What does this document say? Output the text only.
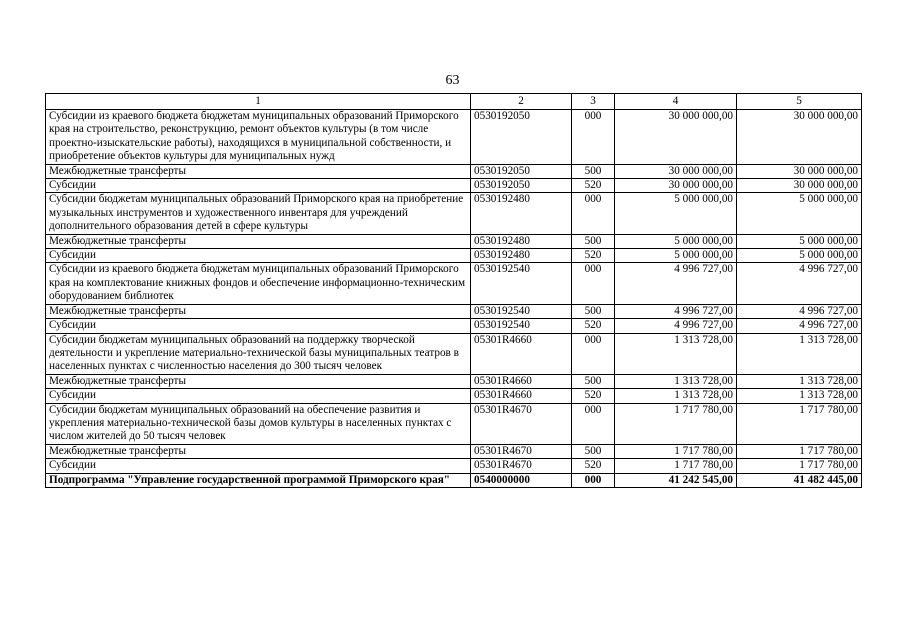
63
1	2	3	4	5
Субсидии из краевого бюджета бюджетам муниципальных образований Приморского края на строительство, реконструкцию, ремонт объектов культуры (в том числе проектно-изыскательские работы), находящихся в муниципальной собственности, и приобретение объектов культуры для муниципальных нужд	0530192050	000	30 000 000,00	30 000 000,00
Межбюджетные трансферты	0530192050	500	30 000 000,00	30 000 000,00
Субсидии	0530192050	520	30 000 000,00	30 000 000,00
Субсидии бюджетам муниципальных образований Приморского края на приобретение музыкальных инструментов и художественного инвентаря для учреждений дополнительного образования детей в сфере культуры	0530192480	000	5 000 000,00	5 000 000,00
Межбюджетные трансферты	0530192480	500	5 000 000,00	5 000 000,00
Субсидии	0530192480	520	5 000 000,00	5 000 000,00
Субсидии из краевого бюджета бюджетам муниципальных образований Приморского края на комплектование книжных фондов и обеспечение информационно-техническим оборудованием библиотек	0530192540	000	4 996 727,00	4 996 727,00
Межбюджетные трансферты	0530192540	500	4 996 727,00	4 996 727,00
Субсидии	0530192540	520	4 996 727,00	4 996 727,00
Субсидии бюджетам муниципальных образований на поддержку творческой деятельности и укрепление материально-технической базы муниципальных театров в населенных пунктах с численностью населения до 300 тысяч человек	05301R4660	000	1 313 728,00	1 313 728,00
Межбюджетные трансферты	05301R4660	500	1 313 728,00	1 313 728,00
Субсидии	05301R4660	520	1 313 728,00	1 313 728,00
Субсидии бюджетам муниципальных образований на обеспечение развития и укрепления материально-технической базы домов культуры в населенных пунктах с числом жителей до 50 тысяч человек	05301R4670	000	1 717 780,00	1 717 780,00
Межбюджетные трансферты	05301R4670	500	1 717 780,00	1 717 780,00
Субсидии	05301R4670	520	1 717 780,00	1 717 780,00
Подпрограмма "Управление государственной программой Приморского края"	0540000000	000	41 242 545,00	41 482 445,00
